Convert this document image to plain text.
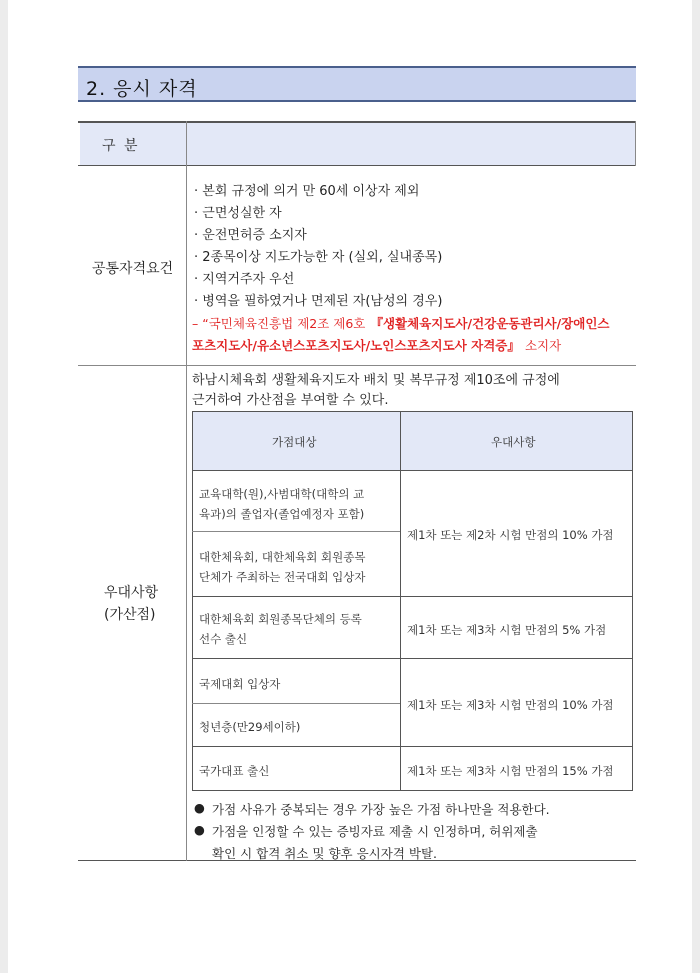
2. 응시 자격
구 분
공통자격요건
· 본회 규정에 의거 만 60세 이상자 제외
· 근면성실한 자
· 운전면허증 소지자
· 2종목이상 지도가능한 자 (실외, 실내종목)
· 지역거주자 우선
· 병역을 필하였거나 면제된 자(남성의 경우)
– “국민체육진흥법 제2조 제6호 『생활체육지도사/건강운동관리사/장애인스
포츠지도사/유소년스포츠지도사/노인스포츠지도사 자격증』 소지자
우대사항
(가산점)
하남시체육회 생활체육지도자 배치 및 복무규정 제10조에 규정에
근거하여 가산점을 부여할 수 있다.
가점대상	우대사항
교육대학(원),사범대학(대학의 교
육과)의 졸업자(졸업예정자 포함)
대한체육회, 대한체육회 회원종목
단체가 주최하는 전국대회 입상자
대한체육회 회원종목단체의 등록
선수 출신
국제대회 입상자
청년층(만29세이하)
국가대표 출신
제1차 또는 제2차 시험 만점의 10% 가점
제1차 또는 제3차 시험 만점의 5% 가점
제1차 또는 제3차 시험 만점의 10% 가점
제1차 또는 제3차 시험 만점의 15% 가점
● 가점 사유가 중복되는 경우 가장 높은 가점 하나만을 적용한다.
● 가점을 인정할 수 있는 증빙자료 제출 시 인정하며, 허위제출
확인 시 합격 취소 및 향후 응시자격 박탈.
